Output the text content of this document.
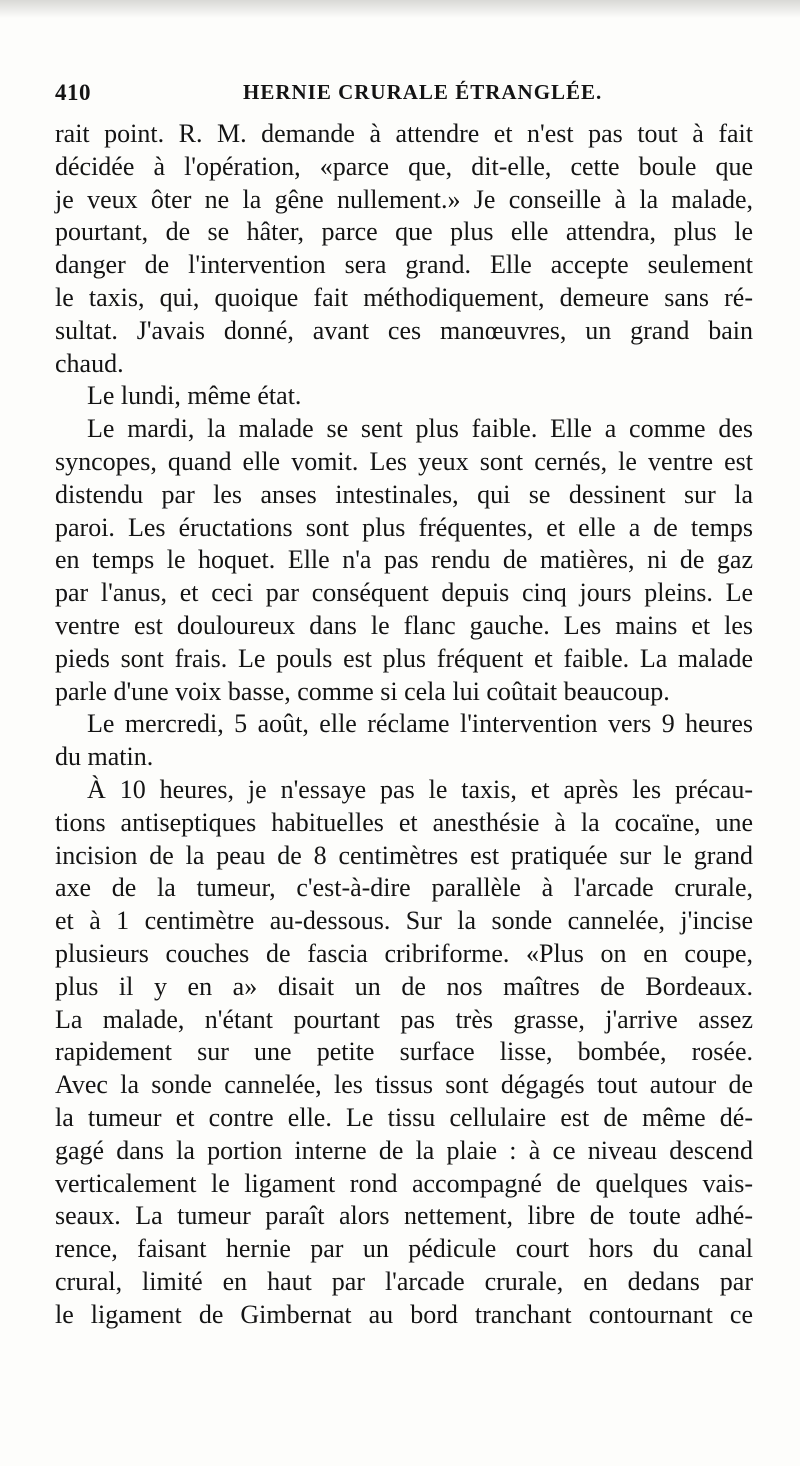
410	HERNIE CRURALE ÉTRANGLÉE.
rait point. R. M. demande à attendre et n'est pas tout à fait
décidée à l'opération, «parce que, dit-elle, cette boule que
je veux ôter ne la gêne nullement.» Je conseille à la malade,
pourtant, de se hâter, parce que plus elle attendra, plus le
danger de l'intervention sera grand. Elle accepte seulement
le taxis, qui, quoique fait méthodiquement, demeure sans ré-
sultat. J'avais donné, avant ces manœuvres, un grand bain
chaud.
Le lundi, même état.
Le mardi, la malade se sent plus faible. Elle a comme des
syncopes, quand elle vomit. Les yeux sont cernés, le ventre est
distendu par les anses intestinales, qui se dessinent sur la
paroi. Les éructations sont plus fréquentes, et elle a de temps
en temps le hoquet. Elle n'a pas rendu de matières, ni de gaz
par l'anus, et ceci par conséquent depuis cinq jours pleins. Le
ventre est douloureux dans le flanc gauche. Les mains et les
pieds sont frais. Le pouls est plus fréquent et faible. La malade
parle d'une voix basse, comme si cela lui coûtait beaucoup.
Le mercredi, 5 août, elle réclame l'intervention vers 9 heures
du matin.
À 10 heures, je n'essaye pas le taxis, et après les précau-
tions antiseptiques habituelles et anesthésie à la cocaïne, une
incision de la peau de 8 centimètres est pratiquée sur le grand
axe de la tumeur, c'est-à-dire parallèle à l'arcade crurale,
et à 1 centimètre au-dessous. Sur la sonde cannelée, j'incise
plusieurs couches de fascia cribriforme. «Plus on en coupe,
plus il y en a» disait un de nos maîtres de Bordeaux.
La malade, n'étant pourtant pas très grasse, j'arrive assez
rapidement sur une petite surface lisse, bombée, rosée.
Avec la sonde cannelée, les tissus sont dégagés tout autour de
la tumeur et contre elle. Le tissu cellulaire est de même dé-
gagé dans la portion interne de la plaie : à ce niveau descend
verticalement le ligament rond accompagné de quelques vais-
seaux. La tumeur paraît alors nettement, libre de toute adhé-
rence, faisant hernie par un pédicule court hors du canal
crural, limité en haut par l'arcade crurale, en dedans par
le ligament de Gimbernat au bord tranchant contournant ce
